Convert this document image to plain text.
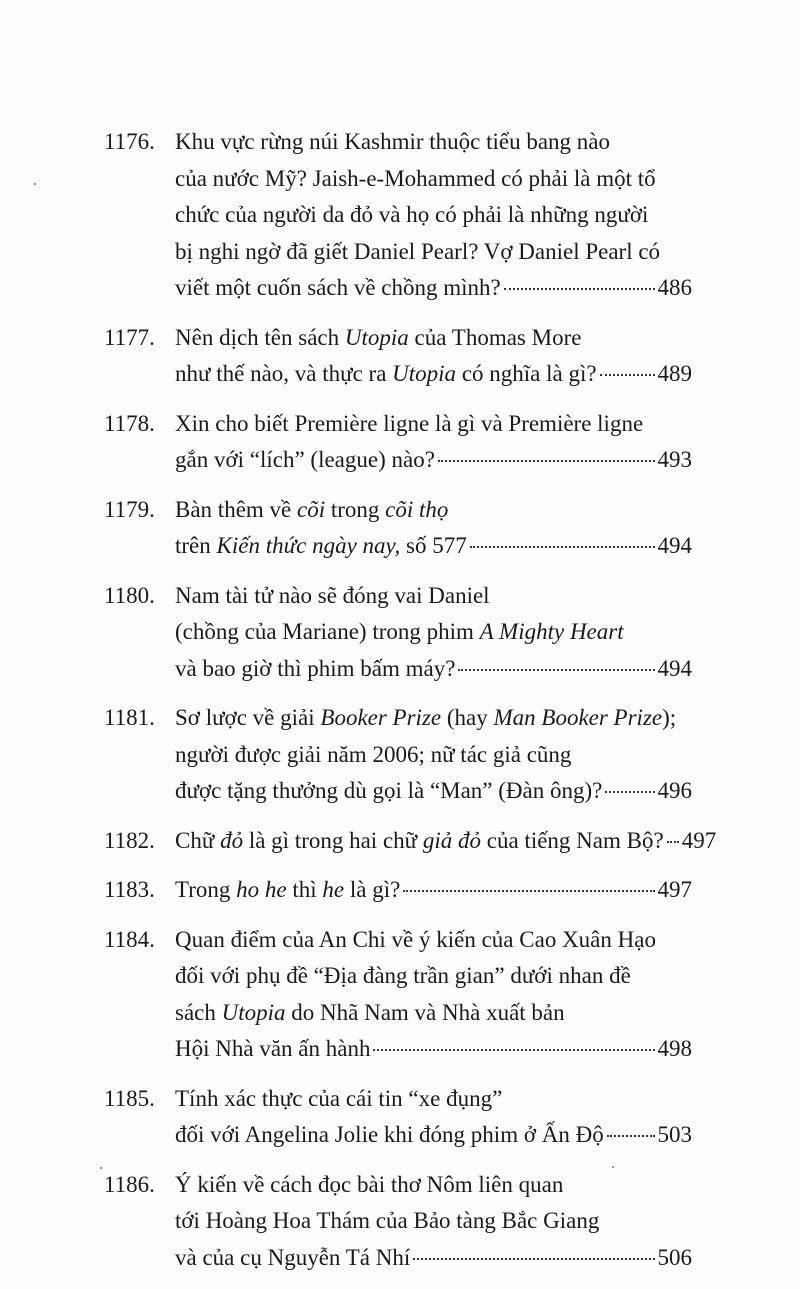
1176. Khu vực rừng núi Kashmir thuộc tiểu bang nào
của nước Mỹ? Jaish-e-Mohammed có phải là một tổ
chức của người da đỏ và họ có phải là những người
bị nghi ngờ đã giết Daniel Pearl? Vợ Daniel Pearl có
viết một cuốn sách về chồng mình?	486
1177. Nên dịch tên sách Utopia của Thomas More
như thế nào, và thực ra Utopia có nghĩa là gì?	489
1178. Xin cho biết Première ligne là gì và Première ligne
gắn với “lích” (league) nào?	493
1179. Bàn thêm về cõi trong cõi thọ
trên Kiến thức ngày nay, số 577	494
1180. Nam tài tử nào sẽ đóng vai Daniel
(chồng của Mariane) trong phim A Mighty Heart
và bao giờ thì phim bấm máy?	494
1181. Sơ lược về giải Booker Prize (hay Man Booker Prize);
người được giải năm 2006; nữ tác giả cũng
được tặng thưởng dù gọi là “Man” (Đàn ông)? 496
1182. Chữ đỏ là gì trong hai chữ giả đỏ của tiếng Nam Bộ? 497
1183. Trong ho he thì he là gì?	497
1184. Quan điểm của An Chi về ý kiến của Cao Xuân Hạo
đối với phụ đề “Địa đàng trần gian” dưới nhan đề
sách Utopia do Nhã Nam và Nhà xuất bản
Hội Nhà văn ấn hành	498
1185. Tính xác thực của cái tin “xe đụng”
đối với Angelina Jolie khi đóng phim ở Ấn Độ 503
1186. Ý kiến về cách đọc bài thơ Nôm liên quan
tới Hoàng Hoa Thám của Bảo tàng Bắc Giang
và của cụ Nguyễn Tá Nhí	506
